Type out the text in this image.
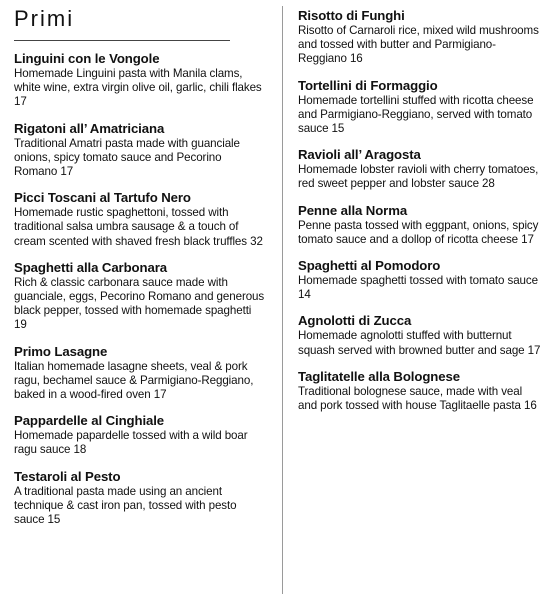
Primi
Linguini con le Vongole
Homemade Linguini pasta with Manila clams, white wine, extra virgin olive oil, garlic, chili flakes 17
Rigatoni all’ Amatriciana
Traditional Amatri pasta made with guanciale onions, spicy tomato sauce and Pecorino Romano 17
Picci Toscani al Tartufo Nero
Homemade rustic spaghettoni, tossed with traditional salsa umbra sausage & a touch of cream scented with shaved fresh black truffles 32
Spaghetti alla Carbonara
Rich & classic carbonara sauce made with guanciale, eggs, Pecorino Romano and generous black pepper, tossed with homemade spaghetti 19
Primo Lasagne
Italian homemade lasagne sheets, veal & pork ragu, bechamel sauce & Parmigiano-Reggiano, baked in a wood-fired oven 17
Pappardelle al Cinghiale
Homemade papardelle tossed with a wild boar ragu sauce 18
Testaroli al Pesto
A traditional pasta made using an ancient technique & cast iron pan, tossed with pesto sauce 15
Risotto di Funghi
Risotto of Carnaroli rice, mixed wild mushrooms and tossed with butter and Parmigiano-Reggiano 16
Tortellini di Formaggio
Homemade tortellini stuffed with ricotta cheese and Parmigiano-Reggiano, served with tomato sauce 15
Ravioli all’ Aragosta
Homemade lobster ravioli with cherry tomatoes, red sweet pepper and lobster sauce 28
Penne alla Norma
Penne pasta tossed with eggpant, onions, spicy tomato sauce and a dollop of ricotta cheese 17
Spaghetti al Pomodoro
Homemade spaghetti tossed with tomato sauce 14
Agnolotti di Zucca
Homemade agnolotti stuffed with butternut squash served with browned butter and sage 17
Taglitatelle alla Bolognese
Traditional bolognese sauce, made with veal and pork tossed with house Taglitaelle pasta 16
